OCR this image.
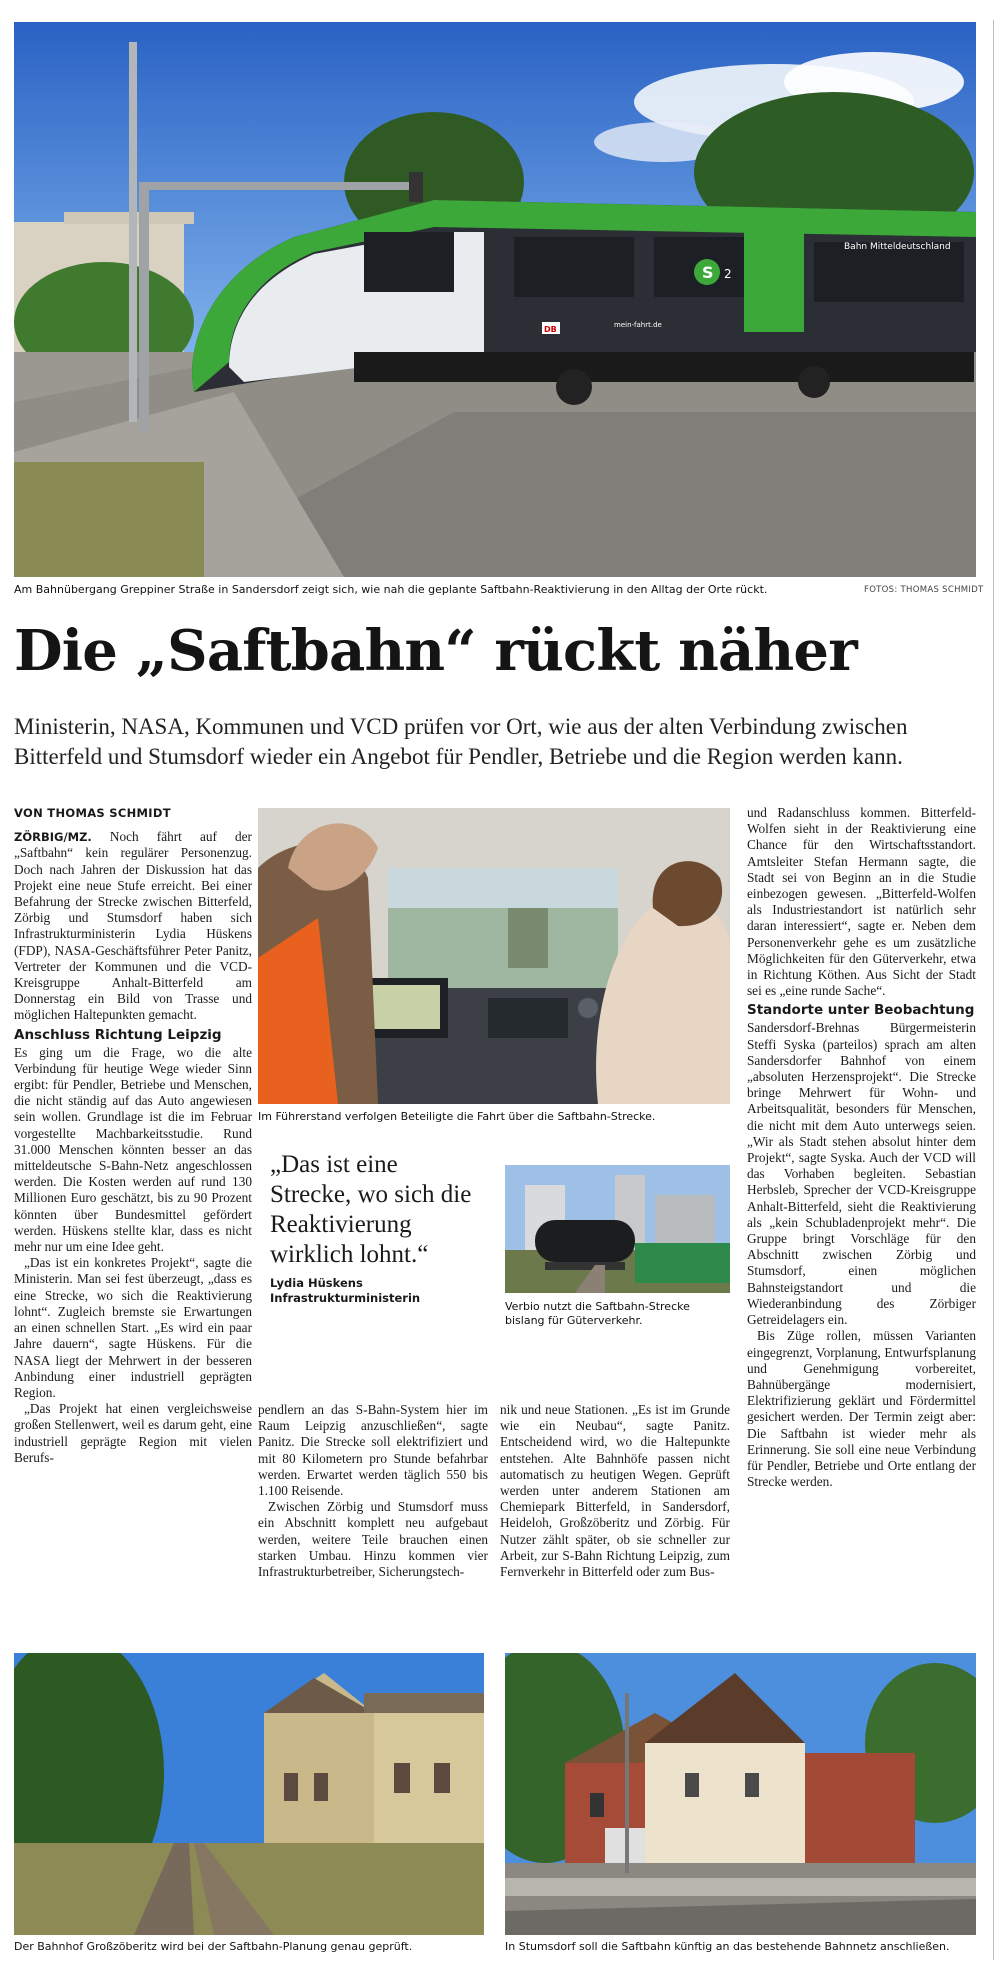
S 2
Bahn Mitteldeutschland
DB	mein-fahrt.de
Am Bahnübergang Greppiner Straße in Sandersdorf zeigt sich, wie nah die geplante Saftbahn-Reaktivierung in den Alltag der Orte rückt.	FOTOS: THOMAS SCHMIDT
Die „Saftbahn“ rückt näher

Ministerin, NASA, Kommunen und VCD prüfen vor Ort, wie aus der alten Verbindung zwischen Bitterfeld und Stumsdorf wieder ein Angebot für Pendler, Betriebe und die Region werden kann.

VON THOMAS SCHMIDT

ZÖRBIG/MZ. Noch fährt auf der „Saftbahn“ kein regulärer Personenzug. Doch nach Jahren der Diskussion hat das Projekt eine neue Stufe erreicht. Bei einer Befahrung der Strecke zwischen Bitterfeld, Zörbig und Stumsdorf haben sich Infrastrukturministerin Lydia Hüskens (FDP), NASA-Geschäftsführer Peter Panitz, Vertreter der Kommunen und die VCD-Kreisgruppe Anhalt-Bitterfeld am Donnerstag ein Bild von Trasse und möglichen Haltepunkten gemacht.

Anschluss Richtung Leipzig

Es ging um die Frage, wo die alte Verbindung für heutige Wege wieder Sinn ergibt: für Pendler, Betriebe und Menschen, die nicht ständig auf das Auto angewiesen sein wollen. Grundlage ist die im Februar vorgestellte Machbarkeitsstudie. Rund 31.000 Menschen könnten besser an das mitteldeutsche S-Bahn-Netz angeschlossen werden. Die Kosten werden auf rund 130 Millionen Euro geschätzt, bis zu 90 Prozent könnten über Bundesmittel gefördert werden. Hüskens stellte klar, dass es nicht mehr nur um eine Idee geht.

„Das ist ein konkretes Projekt“, sagte die Ministerin. Man sei fest überzeugt, „dass es eine Strecke, wo sich die Reaktivierung lohnt“. Zugleich bremste sie Erwartungen an einen schnellen Start. „Es wird ein paar Jahre dauern“, sagte Hüskens. Für die NASA liegt der Mehrwert in der besseren Anbindung einer industriell geprägten Region.

„Das Projekt hat einen vergleichsweise großen Stellenwert, weil es darum geht, eine industriell geprägte Region mit vielen Berufs-

Im Führerstand verfolgen Beteiligte die Fahrt über die Saftbahn-Strecke.

„Das ist eine Strecke, wo sich die Reaktivierung wirklich lohnt.“

Lydia Hüskens

Infrastrukturministerin

Verbio nutzt die Saftbahn-Strecke bislang für Güterverkehr.

pendlern an das S-Bahn-System hier im Raum Leipzig anzuschließen“, sagte Panitz. Die Strecke soll elektrifiziert und mit 80 Kilometern pro Stunde befahrbar werden. Erwartet werden täglich 550 bis 1.100 Reisende.

Zwischen Zörbig und Stumsdorf muss ein Abschnitt komplett neu aufgebaut werden, weitere Teile brauchen einen starken Umbau. Hinzu kommen vier Infrastrukturbetreiber, Sicherungstech-

nik und neue Stationen. „Es ist im Grunde wie ein Neubau“, sagte Panitz. Entscheidend wird, wo die Haltepunkte entstehen. Alte Bahnhöfe passen nicht automatisch zu heutigen Wegen. Geprüft werden unter anderem Stationen am Chemiepark Bitterfeld, in Sandersdorf, Heideloh, Großzöberitz und Zörbig. Für Nutzer zählt später, ob sie schneller zur Arbeit, zur S-Bahn Richtung Leipzig, zum Fernverkehr in Bitterfeld oder zum Bus-

und Radanschluss kommen. Bitterfeld-Wolfen sieht in der Reaktivierung eine Chance für den Wirtschaftsstandort. Amtsleiter Stefan Hermann sagte, die Stadt sei von Beginn an in die Studie einbezogen gewesen. „Bitterfeld-Wolfen als Industriestandort ist natürlich sehr daran interessiert“, sagte er. Neben dem Personenverkehr gehe es um zusätzliche Möglichkeiten für den Güterverkehr, etwa in Richtung Köthen. Aus Sicht der Stadt sei es „eine runde Sache“.

Standorte unter Beobachtung

Sandersdorf-Brehnas Bürgermeisterin Steffi Syska (parteilos) sprach am alten Sandersdorfer Bahnhof von einem „absoluten Herzensprojekt“. Die Strecke bringe Mehrwert für Wohn- und Arbeitsqualität, besonders für Menschen, die nicht mit dem Auto unterwegs seien. „Wir als Stadt stehen absolut hinter dem Projekt“, sagte Syska. Auch der VCD will das Vorhaben begleiten. Sebastian Herbsleb, Sprecher der VCD-Kreisgruppe Anhalt-Bitterfeld, sieht die Reaktivierung als „kein Schubladenprojekt mehr“. Die Gruppe bringt Vorschläge für den Abschnitt zwischen Zörbig und Stumsdorf, einen möglichen Bahnsteigstandort und die Wiederanbindung des Zörbiger Getreidelagers ein.

Bis Züge rollen, müssen Varianten eingegrenzt, Vorplanung, Entwurfsplanung und Genehmigung vorbereitet, Bahnübergänge modernisiert, Elektrifizierung geklärt und Fördermittel gesichert werden. Der Termin zeigt aber: Die Saftbahn ist wieder mehr als Erinnerung. Sie soll eine neue Verbindung für Pendler, Betriebe und Orte entlang der Strecke werden.

Der Bahnhof Großzöberitz wird bei der Saftbahn-Planung genau geprüft.	In Stumsdorf soll die Saftbahn künftig an das bestehende Bahnnetz anschließen.
